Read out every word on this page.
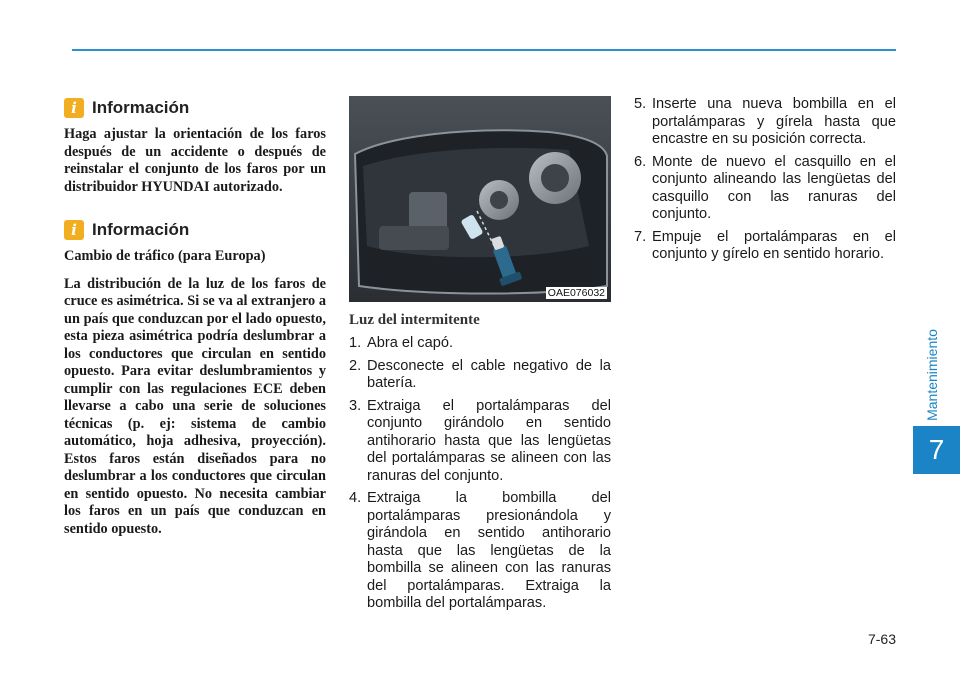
Mantenimiento
7
i Información

Haga ajustar la orientación de los faros después de un accidente o después de reinstalar el conjunto de los faros por un distribuidor HYUNDAI autorizado.

i Información

Cambio de tráfico (para Europa)

La distribución de la luz de los faros de cruce es asimétrica. Si se va al extranjero a un país que conduzcan por el lado opuesto, esta pieza asimétrica podría deslumbrar a los conductores que circulan en sentido opuesto. Para evitar deslumbramientos y cumplir con las regulaciones ECE deben llevarse a cabo una serie de soluciones técnicas (p. ej: sistema de cambio automático, hoja adhesiva, proyección). Estos faros están diseñados para no deslumbrar a los conductores que circulan en sentido opuesto. No necesita cambiar los faros en un país que conduzcan en sentido opuesto.

OAE076032
Luz del intermitente
1. Abra el capó.
2. Desconecte el cable negativo de la batería.
3. Extraiga el portalámparas del conjunto girándolo en sentido antihorario hasta que las lengüetas del portalámparas se alineen con las ranuras del conjunto.
4. Extraiga la bombilla del portalámparas presionándola y girándola en sentido antihorario hasta que las lengüetas de la bombilla se alineen con las ranuras del portalámparas. Extraiga la bombilla del portalámparas.
5. Inserte una nueva bombilla en el portalámparas y gírela hasta que encastre en su posición correcta.
6. Monte de nuevo el casquillo en el conjunto alineando las lengüetas del casquillo con las ranuras del conjunto.
7. Empuje el portalámparas en el conjunto y gírelo en sentido horario.
7-63
